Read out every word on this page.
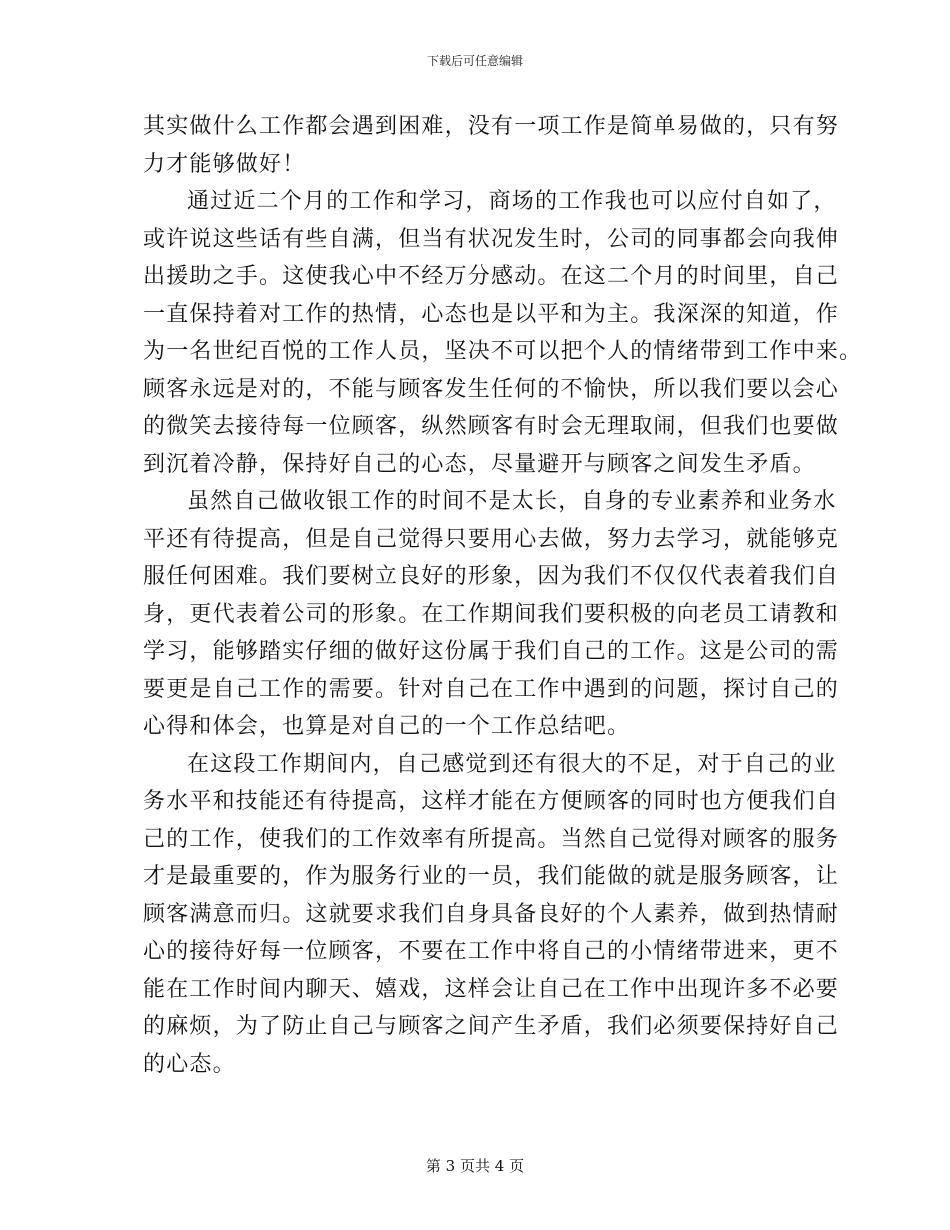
下载后可任意编辑
其实做什么工作都会遇到困难，没有一项工作是简单易做的，只有努
力才能够做好！
通过近二个月的工作和学习，商场的工作我也可以应付自如了，
或许说这些话有些自满，但当有状况发生时，公司的同事都会向我伸
出援助之手。这使我心中不经万分感动。在这二个月的时间里，自己
一直保持着对工作的热情，心态也是以平和为主。我深深的知道，作
为一名世纪百悦的工作人员，坚决不可以把个人的情绪带到工作中来。
顾客永远是对的，不能与顾客发生任何的不愉快，所以我们要以会心
的微笑去接待每一位顾客，纵然顾客有时会无理取闹，但我们也要做
到沉着冷静，保持好自己的心态，尽量避开与顾客之间发生矛盾。
虽然自己做收银工作的时间不是太长，自身的专业素养和业务水
平还有待提高，但是自己觉得只要用心去做，努力去学习，就能够克
服任何困难。我们要树立良好的形象，因为我们不仅仅代表着我们自
身，更代表着公司的形象。在工作期间我们要积极的向老员工请教和
学习，能够踏实仔细的做好这份属于我们自己的工作。这是公司的需
要更是自己工作的需要。针对自己在工作中遇到的问题，探讨自己的
心得和体会，也算是对自己的一个工作总结吧。
在这段工作期间内，自己感觉到还有很大的不足，对于自己的业
务水平和技能还有待提高，这样才能在方便顾客的同时也方便我们自
己的工作，使我们的工作效率有所提高。当然自己觉得对顾客的服务
才是最重要的，作为服务行业的一员，我们能做的就是服务顾客，让
顾客满意而归。这就要求我们自身具备良好的个人素养，做到热情耐
心的接待好每一位顾客，不要在工作中将自己的小情绪带进来，更不
能在工作时间内聊天、嬉戏，这样会让自己在工作中出现许多不必要
的麻烦，为了防止自己与顾客之间产生矛盾，我们必须要保持好自己
的心态。
第 3 页共 4 页
